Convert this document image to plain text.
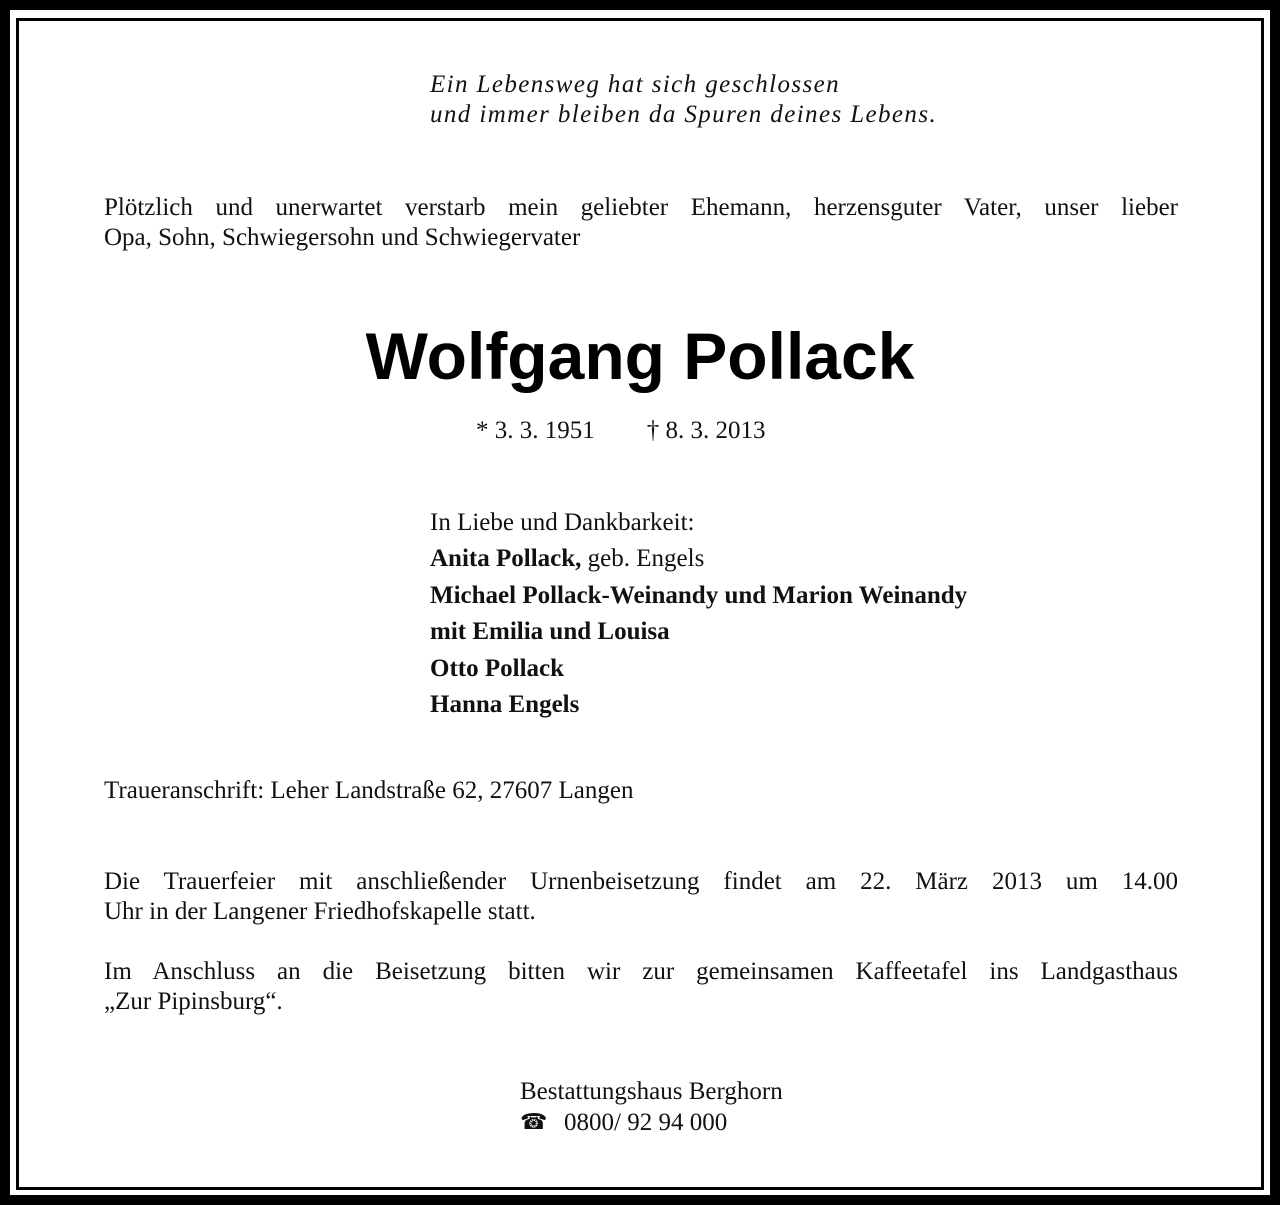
Ein Lebensweg hat sich geschlossen
und immer bleiben da Spuren deines Lebens.
Plötzlich und unerwartet verstarb mein geliebter Ehemann, herzensguter Vater, unser lieber
Opa, Sohn, Schwiegersohn und Schwiegervater
Wolfgang Pollack
* 3. 3. 1951 † 8. 3. 2013
In Liebe und Dankbarkeit:
Anita Pollack, geb. Engels
Michael Pollack-Weinandy und Marion Weinandy
mit Emilia und Louisa
Otto Pollack
Hanna Engels
Traueranschrift: Leher Landstraße 62, 27607 Langen
Die Trauerfeier mit anschließender Urnenbeisetzung findet am 22. März 2013 um 14.00
Uhr in der Langener Friedhofskapelle statt.
Im Anschluss an die Beisetzung bitten wir zur gemeinsamen Kaffeetafel ins Landgasthaus
„Zur Pipinsburg“.
Bestattungshaus Berghorn
☎ 0800/ 92 94 000
